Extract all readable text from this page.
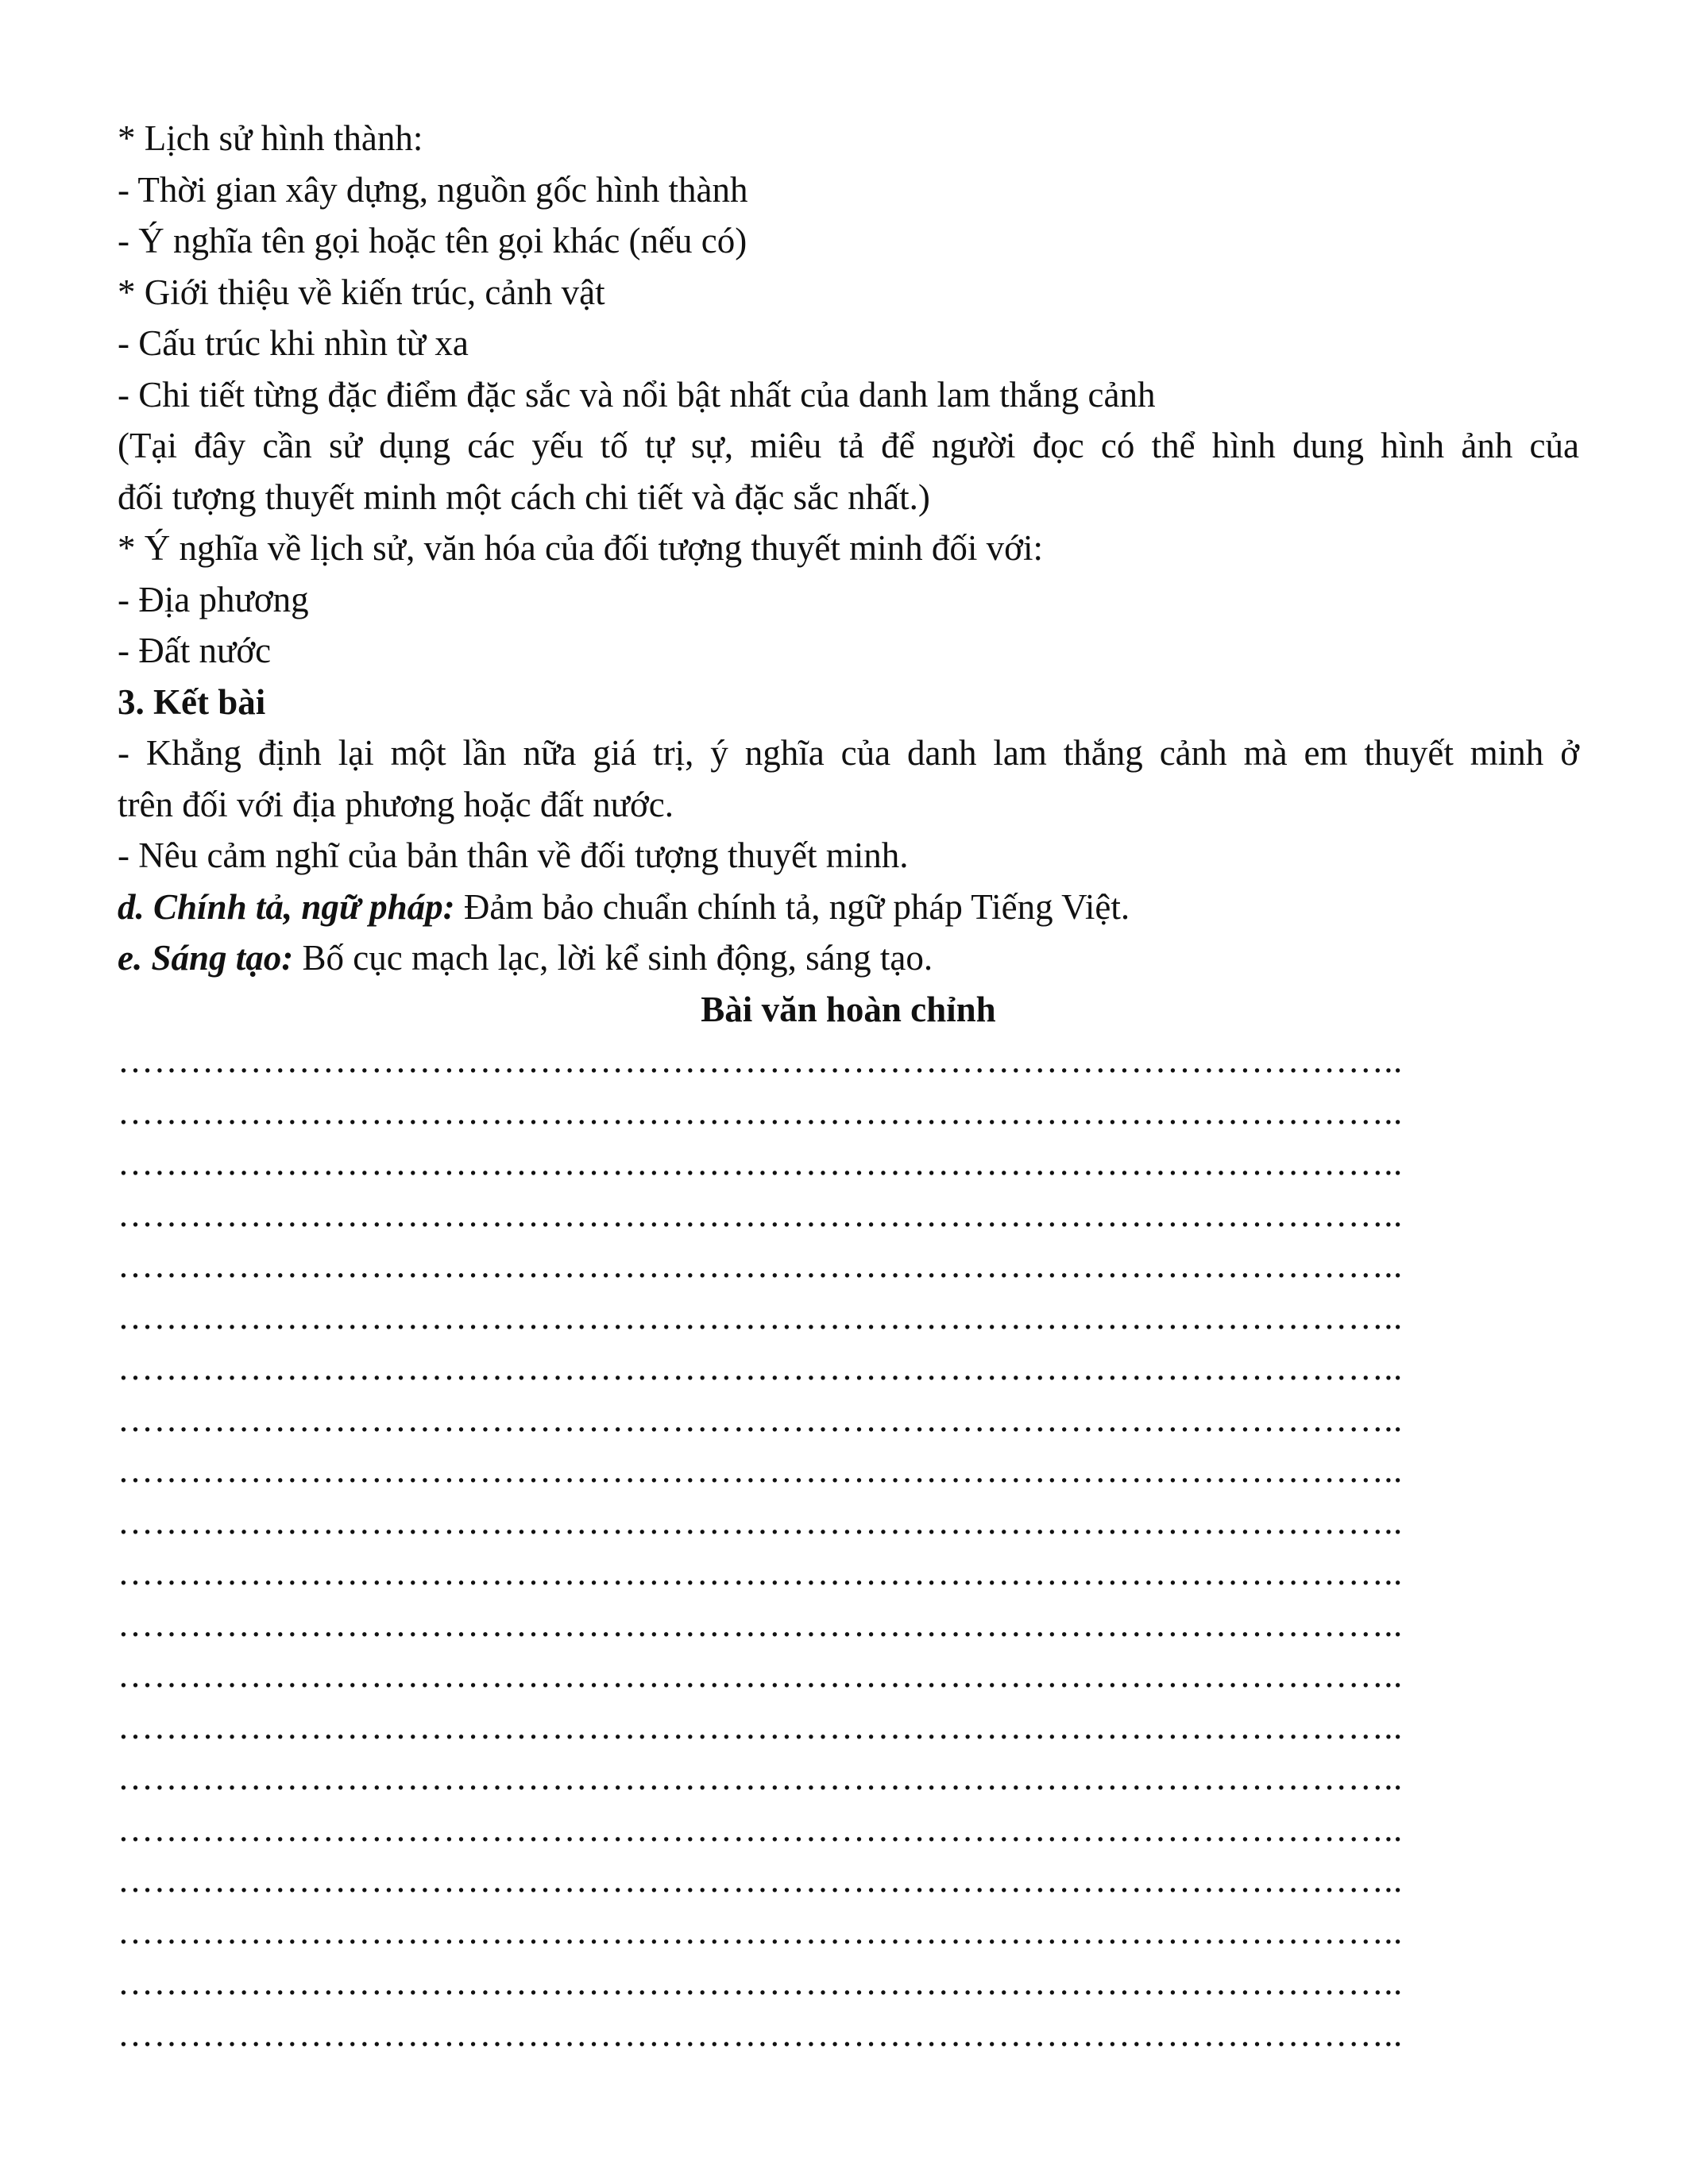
* Lịch sử hình thành:
- Thời gian xây dựng, nguồn gốc hình thành
- Ý nghĩa tên gọi hoặc tên gọi khác (nếu có)
* Giới thiệu về kiến trúc, cảnh vật
- Cấu trúc khi nhìn từ xa
- Chi tiết từng đặc điểm đặc sắc và nổi bật nhất của danh lam thắng cảnh
(Tại đây cần sử dụng các yếu tố tự sự, miêu tả để người đọc có thể hình dung hình ảnh của
đối tượng thuyết minh một cách chi tiết và đặc sắc nhất.)
* Ý nghĩa về lịch sử, văn hóa của đối tượng thuyết minh đối với:
- Địa phương
- Đất nước
3. Kết bài
- Khẳng định lại một lần nữa giá trị, ý nghĩa của danh lam thắng cảnh mà em thuyết minh ở
trên đối với địa phương hoặc đất nước.
- Nêu cảm nghĩ của bản thân về đối tượng thuyết minh.
d. Chính tả, ngữ pháp: Đảm bảo chuẩn chính tả, ngữ pháp Tiếng Việt.
e. Sáng tạo: Bố cục mạch lạc, lời kể sinh động, sáng tạo.
Bài văn hoàn chỉnh
……………………………………………………………………………………………..
……………………………………………………………………………………………..
……………………………………………………………………………………………..
……………………………………………………………………………………………..
……………………………………………………………………………………………..
……………………………………………………………………………………………..
……………………………………………………………………………………………..
……………………………………………………………………………………………..
……………………………………………………………………………………………..
……………………………………………………………………………………………..
……………………………………………………………………………………………..
……………………………………………………………………………………………..
……………………………………………………………………………………………..
……………………………………………………………………………………………..
……………………………………………………………………………………………..
……………………………………………………………………………………………..
……………………………………………………………………………………………..
……………………………………………………………………………………………..
……………………………………………………………………………………………..
……………………………………………………………………………………………..
